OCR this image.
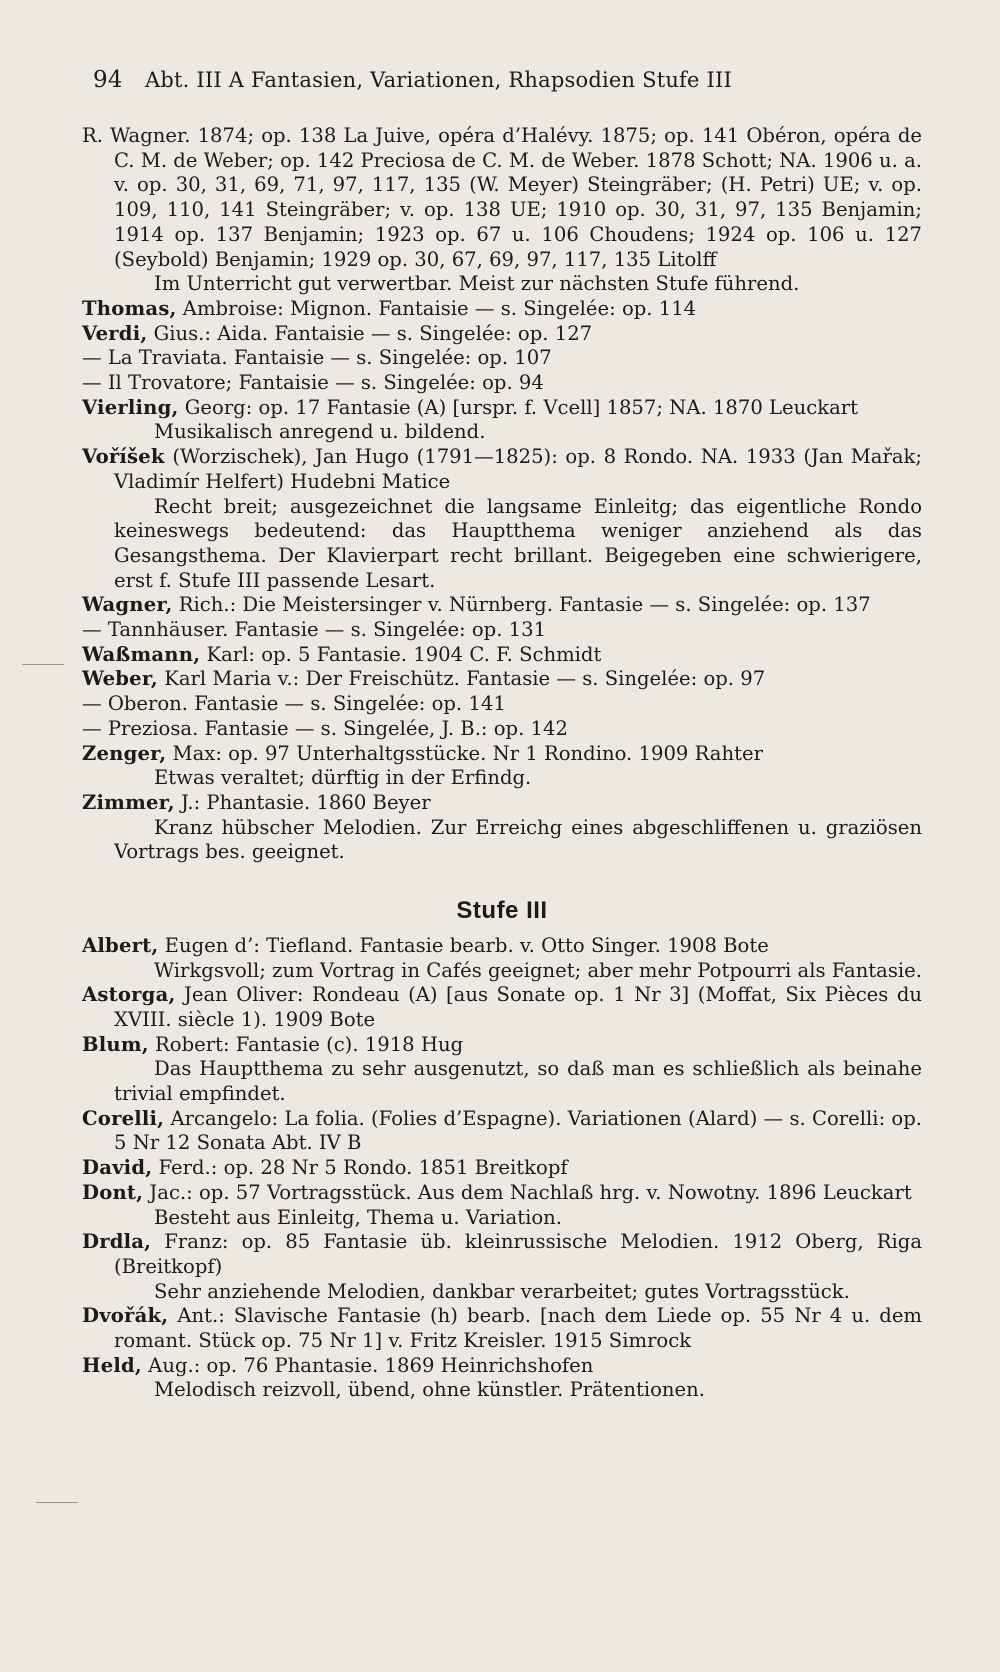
94 Abt. III A Fantasien, Variationen, Rhapsodien Stufe III

R. Wagner. 1874; op. 138 La Juive, opéra d’Halévy. 1875; op. 141 Obéron, opéra de C. M. de Weber; op. 142 Preciosa de C. M. de Weber. 1878 Schott; NA. 1906 u. a. v. op. 30, 31, 69, 71, 97, 117, 135 (W. Meyer) Steingräber; (H. Petri) UE; v. op. 109, 110, 141 Steingräber; v. op. 138 UE; 1910 op. 30, 31, 97, 135 Benjamin; 1914 op. 137 Benjamin; 1923 op. 67 u. 106 Choudens; 1924 op. 106 u. 127 (Seybold) Benjamin; 1929 op. 30, 67, 69, 97, 117, 135 Litolff

Im Unterricht gut verwertbar. Meist zur nächsten Stufe führend.

Thomas, Ambroise: Mignon. Fantaisie — s. Singelée: op. 114

Verdi, Gius.: Aida. Fantaisie — s. Singelée: op. 127

— La Traviata. Fantaisie — s. Singelée: op. 107

— Il Trovatore; Fantaisie — s. Singelée: op. 94

Vierling, Georg: op. 17 Fantasie (A) [urspr. f. Vcell] 1857; NA. 1870 Leuckart

Musikalisch anregend u. bildend.

Voříšek (Worzischek), Jan Hugo (1791—1825): op. 8 Rondo. NA. 1933 (Jan Mařak; Vladimír Helfert) Hudebni Matice

Recht breit; ausgezeichnet die langsame Einleitg; das eigentliche Rondo keineswegs bedeutend: das Hauptthema weniger anziehend als das Gesangsthema. Der Klavierpart recht brillant. Beigegeben eine schwierigere, erst f. Stufe III passende Lesart.

Wagner, Rich.: Die Meistersinger v. Nürnberg. Fantasie — s. Singelée: op. 137

— Tannhäuser. Fantasie — s. Singelée: op. 131

Waßmann, Karl: op. 5 Fantasie. 1904 C. F. Schmidt

Weber, Karl Maria v.: Der Freischütz. Fantasie — s. Singelée: op. 97

— Oberon. Fantasie — s. Singelée: op. 141

— Preziosa. Fantasie — s. Singelée, J. B.: op. 142

Zenger, Max: op. 97 Unterhaltgsstücke. Nr 1 Rondino. 1909 Rahter

Etwas veraltet; dürftig in der Erfindg.

Zimmer, J.: Phantasie. 1860 Beyer

Kranz hübscher Melodien. Zur Erreichg eines abgeschliffenen u. graziösen Vortrags bes. geeignet.

Stufe III

Albert, Eugen d’: Tiefland. Fantasie bearb. v. Otto Singer. 1908 Bote

Wirkgsvoll; zum Vortrag in Cafés geeignet; aber mehr Potpourri als Fantasie.

Astorga, Jean Oliver: Rondeau (A) [aus Sonate op. 1 Nr 3] (Moffat, Six Pièces du XVIII. siècle 1). 1909 Bote

Blum, Robert: Fantasie (c). 1918 Hug

Das Hauptthema zu sehr ausgenutzt, so daß man es schließlich als beinahe trivial empfindet.

Corelli, Arcangelo: La folia. (Folies d’Espagne). Variationen (Alard) — s. Corelli: op. 5 Nr 12 Sonata Abt. IV B

David, Ferd.: op. 28 Nr 5 Rondo. 1851 Breitkopf

Dont, Jac.: op. 57 Vortragsstück. Aus dem Nachlaß hrg. v. Nowotny. 1896 Leuckart

Besteht aus Einleitg, Thema u. Variation.

Drdla, Franz: op. 85 Fantasie üb. kleinrussische Melodien. 1912 Oberg, Riga (Breitkopf)

Sehr anziehende Melodien, dankbar verarbeitet; gutes Vortragsstück.

Dvořák, Ant.: Slavische Fantasie (h) bearb. [nach dem Liede op. 55 Nr 4 u. dem romant. Stück op. 75 Nr 1] v. Fritz Kreisler. 1915 Simrock

Held, Aug.: op. 76 Phantasie. 1869 Heinrichshofen

Melodisch reizvoll, übend, ohne künstler. Prätentionen.
